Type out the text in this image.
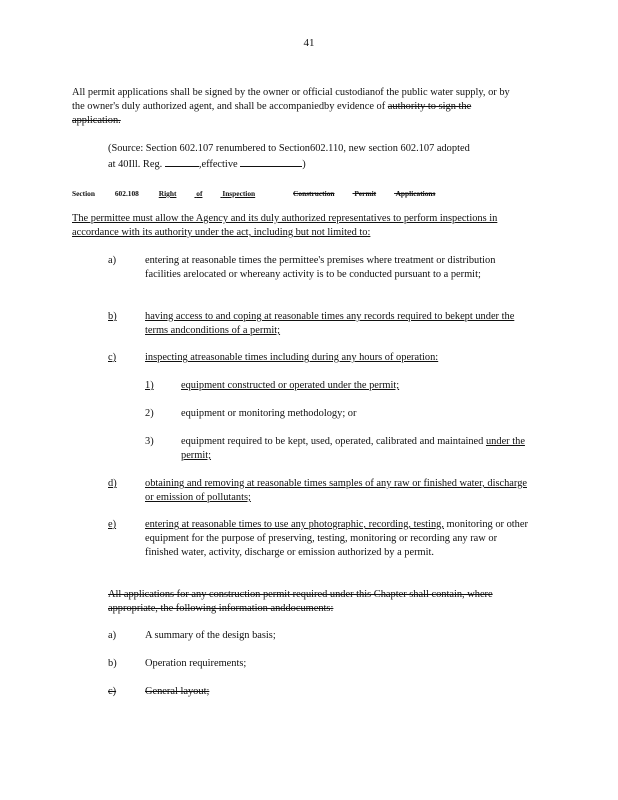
41
All permit applications shall be signed by the owner or official custodianof the public water supply, or by the owner's duly authorized agent, and shall be accompaniedby evidence of authority to sign the application.
(Source: Section 602.107 renumbered to Section602.110, new section 602.107 adopted
at 40Ill. Reg.	,effective	)
Section	602.108	Right	of	Inspection	Construction	Permit	Applications
The permittee must allow the Agency and its duly authorized representatives to perform inspections in accordance with its authority under the act, including but not limited to:
a)	entering at reasonable times the permittee's premises where treatment or distribution facilities arelocated or whereany activity is to be conducted pursuant to a permit;
b)	having access to and coping at reasonable times any records required to bekept under the terms andconditions of a permit;
c)	inspecting atreasonable times including during any hours of operation:
1)	equipment constructed or operated under the permit;
2)	equipment or monitoring methodology; or
3)	equipment required to be kept, used, operated, calibrated and maintained under the permit;
d)	obtaining and removing at reasonable times samples of any raw or finished water, discharge or emission of pollutants;
e)	entering at reasonable times to use any photographic, recording, testing, monitoring or other equipment for the purpose of preserving, testing, monitoring or recording any raw or finished water, activity, discharge or emission authorized by a permit.
All applications for any construction permit required under this Chapter shall contain, where appropriate, the following information anddocuments:
a)	A summary of the design basis;
b)	Operation requirements;
c)	General layout;
